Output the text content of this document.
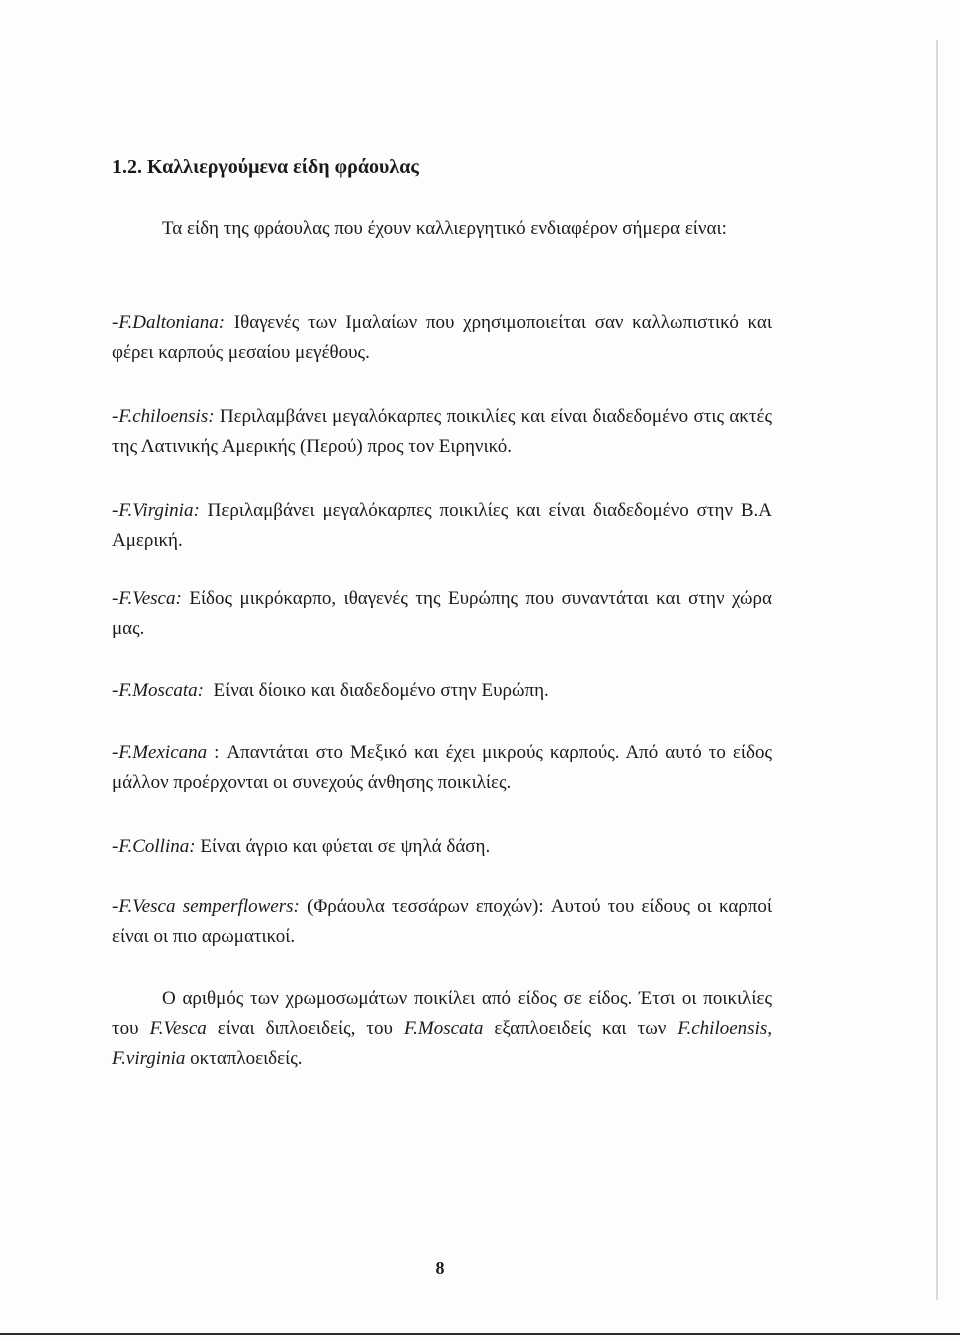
1.2. Καλλιεργούμενα είδη φράουλας

Τα είδη της φράουλας που έχουν καλλιεργητικό ενδιαφέρον σήμερα είναι:

-F.Daltoniana: Ιθαγενές των Ιμαλαίων που χρησιμοποιείται σαν καλλωπιστικό και φέρει καρπούς μεσαίου μεγέθους.

-F.chiloensis: Περιλαμβάνει μεγαλόκαρπες ποικιλίες και είναι διαδεδομένο στις ακτές της Λατινικής Αμερικής (Περού) προς τον Ειρηνικό.

-F.Virginia: Περιλαμβάνει μεγαλόκαρπες ποικιλίες και είναι διαδεδομένο στην Β.Α Αμερική.

-F.Vesca: Είδος μικρόκαρπο, ιθαγενές της Ευρώπης που συναντάται και στην χώρα μας.

-F.Moscata:  Είναι δίοικο και διαδεδομένο στην Ευρώπη.

-F.Mexicana : Απαντάται στο Μεξικό και έχει μικρούς καρπούς. Από αυτό το είδος μάλλον προέρχονται οι συνεχούς άνθησης ποικιλίες.

-F.Collina: Είναι άγριο και φύεται σε ψηλά δάση.

-F.Vesca semperflowers: (Φράουλα τεσσάρων εποχών): Αυτού του είδους οι καρποί είναι οι πιο αρωματικοί.

Ο αριθμός των χρωμοσωμάτων ποικίλει από είδος σε είδος. Έτσι οι ποικιλίες του F.Vesca είναι διπλοειδείς, του F.Moscata εξαπλοειδείς και των F.chiloensis, F.virginia οκταπλοειδείς.

8
